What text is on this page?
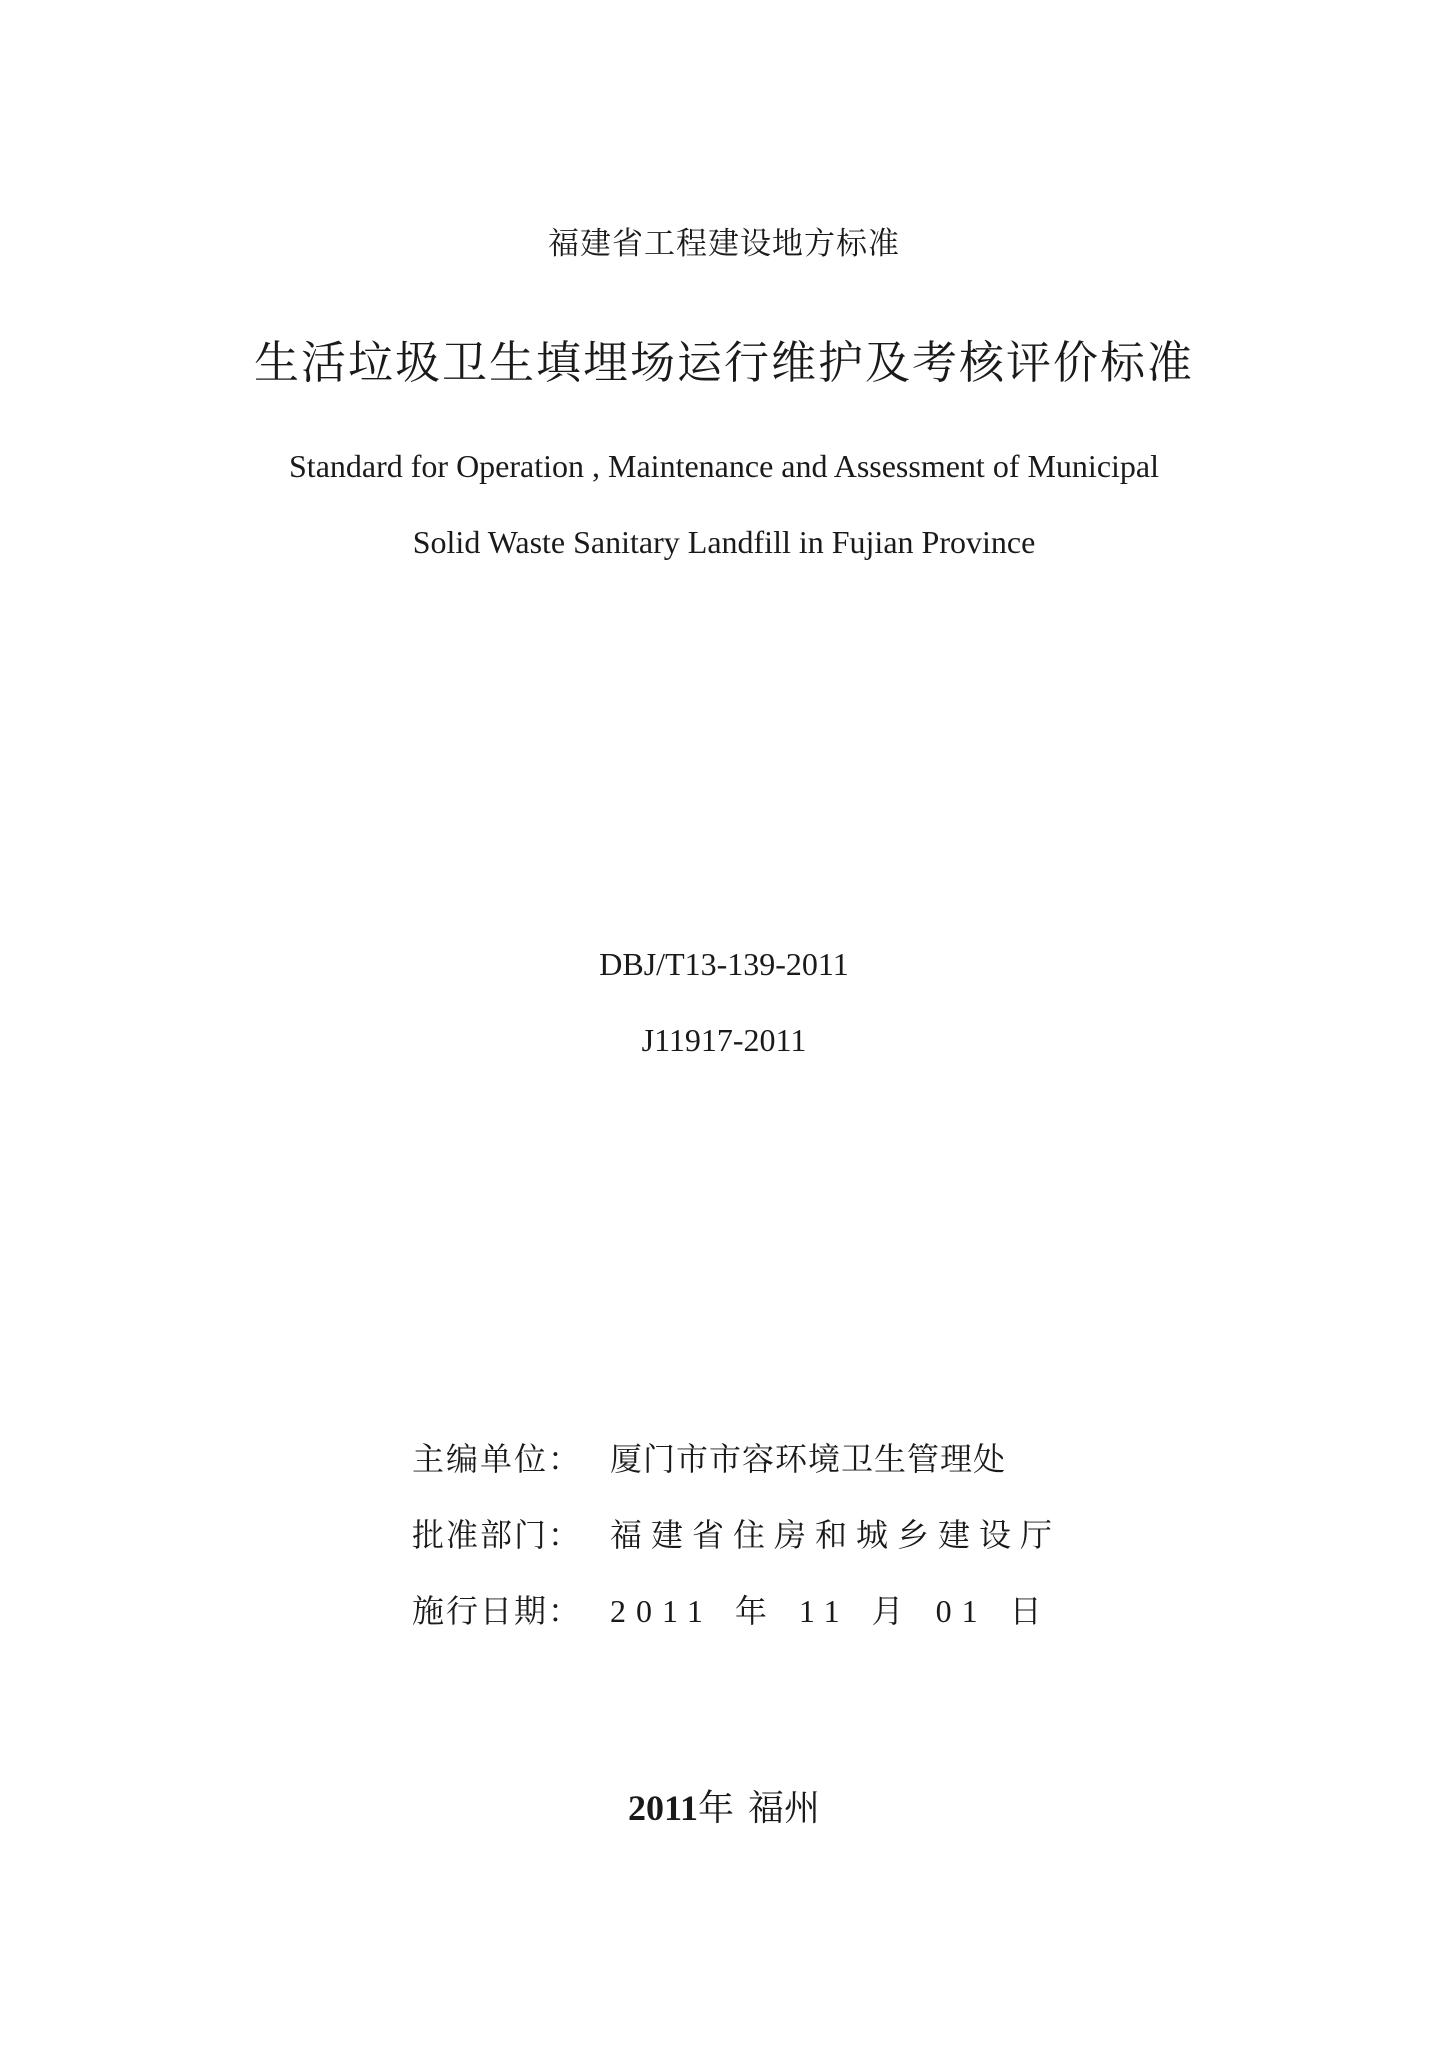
福建省工程建设地方标准
生活垃圾卫生填埋场运行维护及考核评价标准
Standard for Operation , Maintenance and Assessment of Municipal
Solid Waste Sanitary Landfill in Fujian Province
DBJ/T13-139-2011
J11917-2011
主编单位： 厦门市市容环境卫生管理处
批准部门： 福建省住房和城乡建设厅
施行日期： 2011 年 11 月 01 日
2011年 福州
